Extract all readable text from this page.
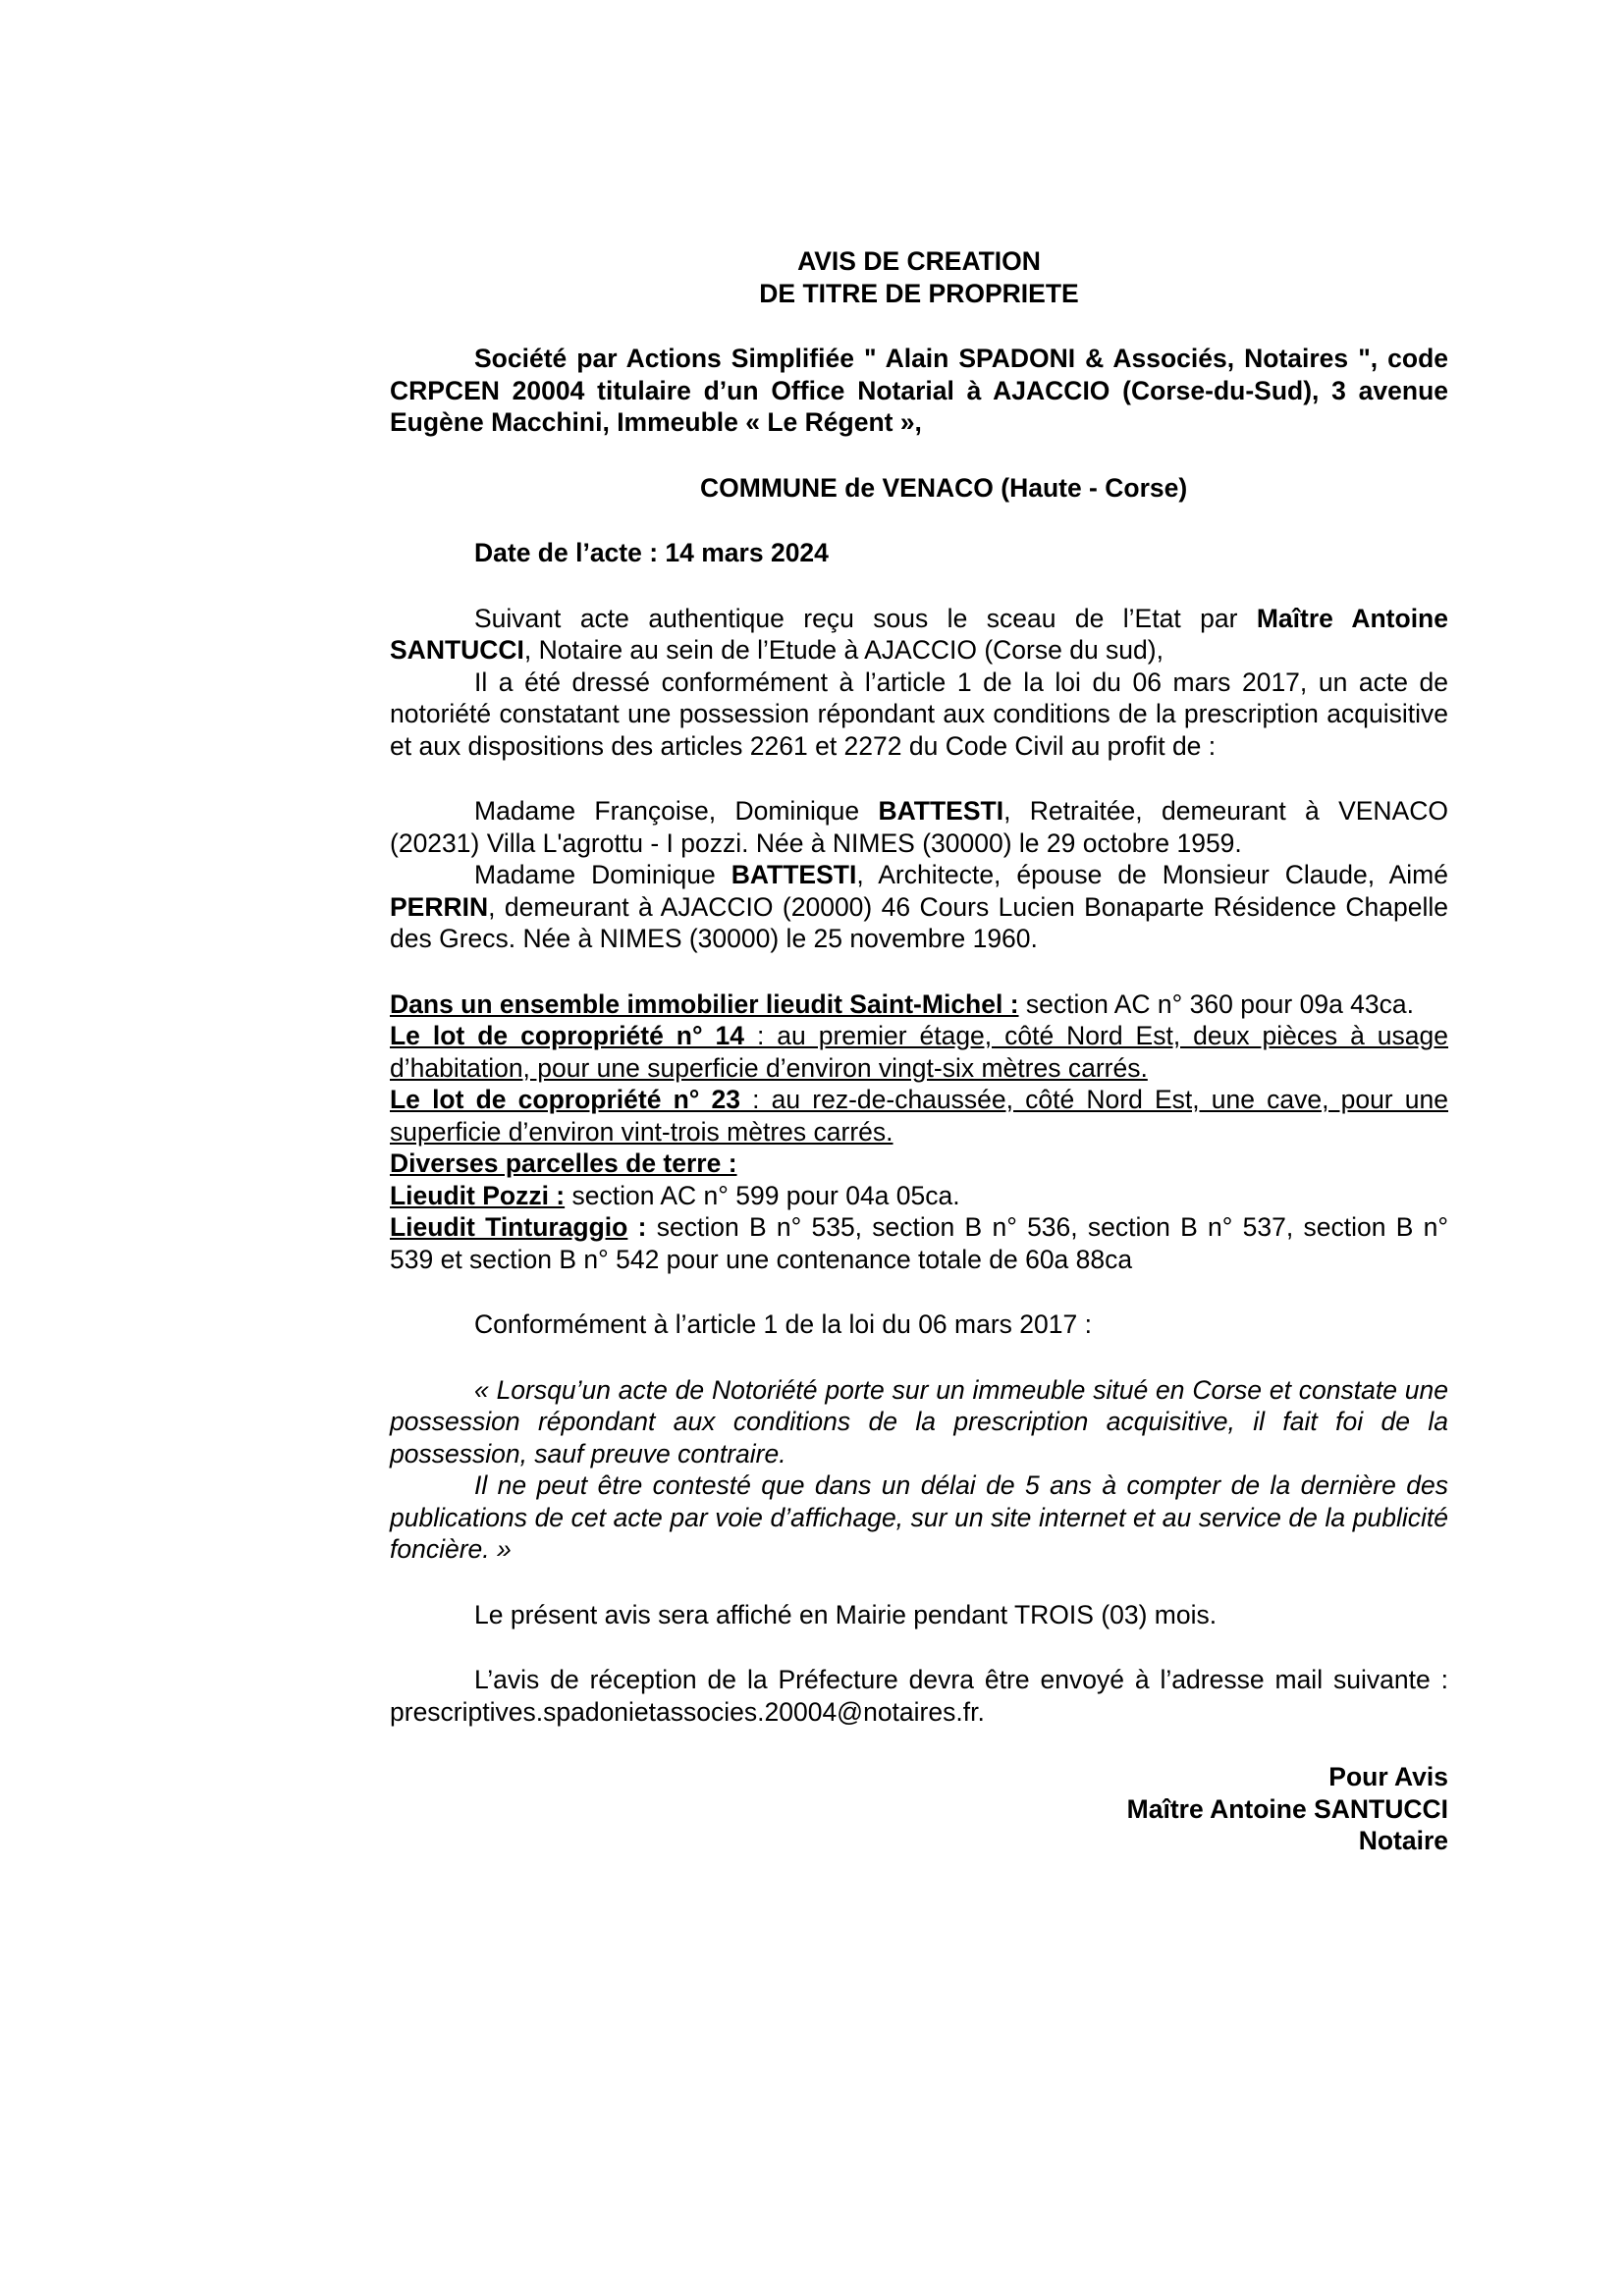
AVIS DE CREATION

DE TITRE DE PROPRIETE

Société par Actions Simplifiée " Alain SPADONI & Associés, Notaires ", code CRPCEN 20004 titulaire d’un Office Notarial à AJACCIO (Corse-du-Sud), 3 avenue Eugène Macchini, Immeuble « Le Régent »,

COMMUNE de VENACO (Haute - Corse)

Date de l’acte : 14 mars 2024

Suivant acte authentique reçu sous le sceau de l’Etat par Maître Antoine SANTUCCI, Notaire au sein de l’Etude à AJACCIO (Corse du sud),

Il a été dressé conformément à l’article 1 de la loi du 06 mars 2017, un acte de notoriété constatant une possession répondant aux conditions de la prescription acquisitive et aux dispositions des articles 2261 et 2272 du Code Civil au profit de :

Madame Françoise, Dominique BATTESTI, Retraitée, demeurant à VENACO (20231) Villa L'agrottu - I pozzi. Née à NIMES (30000) le 29 octobre 1959.

Madame Dominique BATTESTI, Architecte, épouse de Monsieur Claude, Aimé PERRIN, demeurant à AJACCIO (20000) 46 Cours Lucien Bonaparte Résidence Chapelle des Grecs. Née à NIMES (30000) le 25 novembre 1960.

Dans un ensemble immobilier lieudit Saint-Michel : section AC n° 360 pour 09a 43ca.

Le lot de copropriété n° 14 : au premier étage, côté Nord Est, deux pièces à usage d’habitation, pour une superficie d’environ vingt-six mètres carrés.

Le lot de copropriété n° 23 : au rez-de-chaussée, côté Nord Est, une cave, pour une superficie d’environ vint-trois mètres carrés.

Diverses parcelles de terre :

Lieudit Pozzi : section AC n° 599 pour 04a 05ca.

Lieudit Tinturaggio : section B n° 535, section B n° 536, section B n° 537, section B n° 539 et section B n° 542 pour une contenance totale de 60a 88ca

Conformément à l’article 1 de la loi du 06 mars 2017 :

« Lorsqu’un acte de Notoriété porte sur un immeuble situé en Corse et constate une possession répondant aux conditions de la prescription acquisitive, il fait foi de la possession, sauf preuve contraire.

Il ne peut être contesté que dans un délai de 5 ans à compter de la dernière des publications de cet acte par voie d’affichage, sur un site internet et au service de la publicité foncière. »

Le présent avis sera affiché en Mairie pendant TROIS (03) mois.

L’avis de réception de la Préfecture devra être envoyé à l’adresse mail suivante : prescriptives.spadonietassocies.20004@notaires.fr.

Pour Avis

Maître Antoine SANTUCCI

Notaire
